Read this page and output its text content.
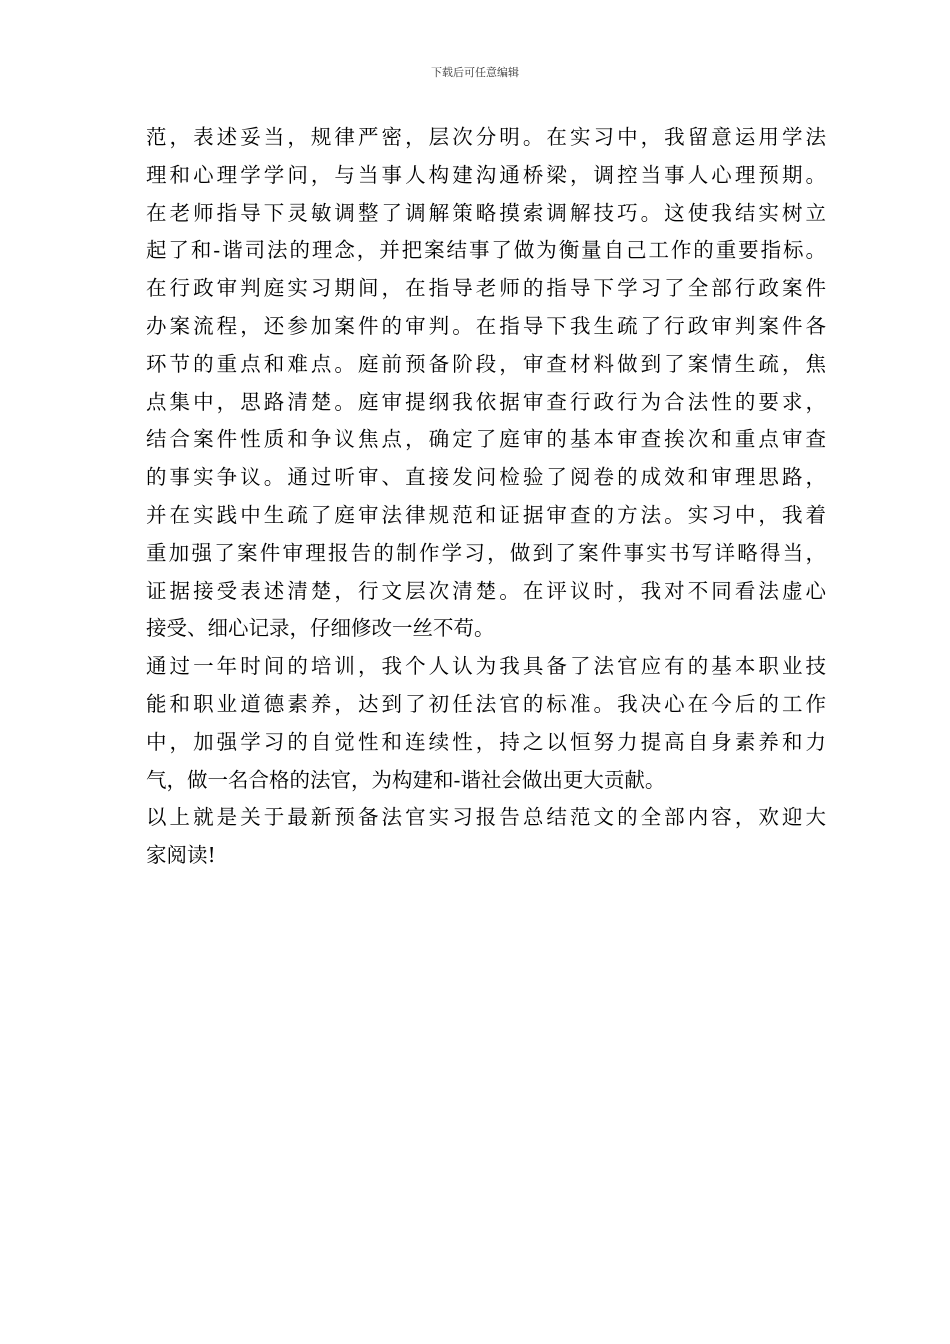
下载后可任意编辑
范，表述妥当，规律严密，层次分明。在实习中，我留意运用学法
理和心理学学问，与当事人构建沟通桥梁，调控当事人心理预期。
在老师指导下灵敏调整了调解策略摸索调解技巧。这使我结实树立
起了和-谐司法的理念，并把案结事了做为衡量自己工作的重要指标。
在行政审判庭实习期间，在指导老师的指导下学习了全部行政案件
办案流程，还参加案件的审判。在指导下我生疏了行政审判案件各
环节的重点和难点。庭前预备阶段，审查材料做到了案情生疏，焦
点集中，思路清楚。庭审提纲我依据审查行政行为合法性的要求，
结合案件性质和争议焦点，确定了庭审的基本审查挨次和重点审查
的事实争议。通过听审、直接发问检验了阅卷的成效和审理思路，
并在实践中生疏了庭审法律规范和证据审查的方法。实习中，我着
重加强了案件审理报告的制作学习，做到了案件事实书写详略得当，
证据接受表述清楚，行文层次清楚。在评议时，我对不同看法虚心
接受、细心记录，仔细修改一丝不苟。
通过一年时间的培训，我个人认为我具备了法官应有的基本职业技
能和职业道德素养，达到了初任法官的标准。我决心在今后的工作
中，加强学习的自觉性和连续性，持之以恒努力提高自身素养和力
气，做一名合格的法官，为构建和-谐社会做出更大贡献。
以上就是关于最新预备法官实习报告总结范文的全部内容，欢迎大
家阅读!
